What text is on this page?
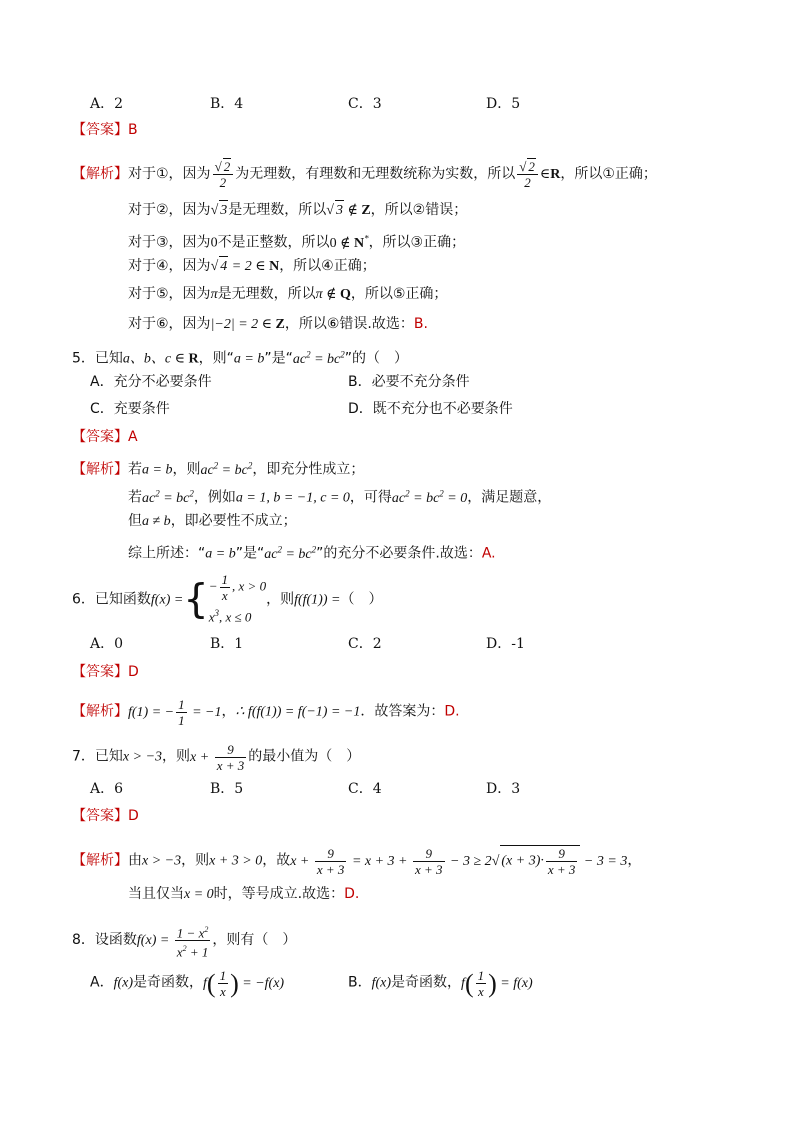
A．2	B．4	C．3	D．5
【答案】B
【解析】对于①，因为 $\frac{√ 2}{2}$ 为无理数，有理数和无理数统称为实数，所以 $\frac{√ 2}{2}$ ∈R，所以①正确；
对于②，因为√ 3是无理数，所以√ 3 ∉ Z，所以②错误；
对于③，因为0不是正整数，所以0 ∉ N*，所以③正确；
对于④，因为√ 4 = 2 ∈ N，所以④正确；
对于⑤，因为π是无理数，所以π ∉ Q，所以⑤正确；
对于⑥，因为|−2| = 2 ∈ Z，所以⑥错误.故选：B.
5．已知a、b、c ∈ R，则“a = b”是“$ac^2 = bc^2$”的（　）
A．充分不必要条件	B．必要不充分条件
C．充要条件	D．既不充分也不必要条件
【答案】A
【解析】若a = b，则$ac^2 = bc^2$，即充分性成立；
若$ac^2 = bc^2$，例如a = 1, b = −1, c = 0，可得$ac^2 = bc^2 = 0$，满足题意，
但a ≠ b，即必要性不成立；
综上所述：“a = b”是“$ac^2 = bc^2$”的充分不必要条件.故选：A.
6．已知函数f(x) ={ − $\frac{1}{x}$ , x > 0
$x^3$, x ≤ 0
，则f(f(1)) =（　）
A．0	B．1	C．2	D．-1
【答案】D
【解析】f(1) = − $\frac{1}{1} = -1$，∴ f(f(1)) = f(−1) = −1．故答案为：D.
7．已知x > −3，则$x + \frac{9}{x + 3}$ 的最小值为（　）
A．6	B．5	C．4	D．3
【答案】D
【解析】由x > −3，则x + 3 > 0，故$x + \frac{9}{x + 3} = x + 3 + \frac{9}{x + 3} - 3 \ge 2√$ $(x + 3)\cdot \frac{9}{x + 3} - 3 = 3$，
当且仅当x = 0时，等号成立.故选：D.
8．设函数$f(x) = \frac{1 - x^2}{x^2 + 1}$ ，则有（　）
A．f(x)是奇函数，$f( \frac{1}{x}$ ) = −f(x)	B．f(x)是奇函数，$f( \frac{1}{x}$ ) = f(x)
